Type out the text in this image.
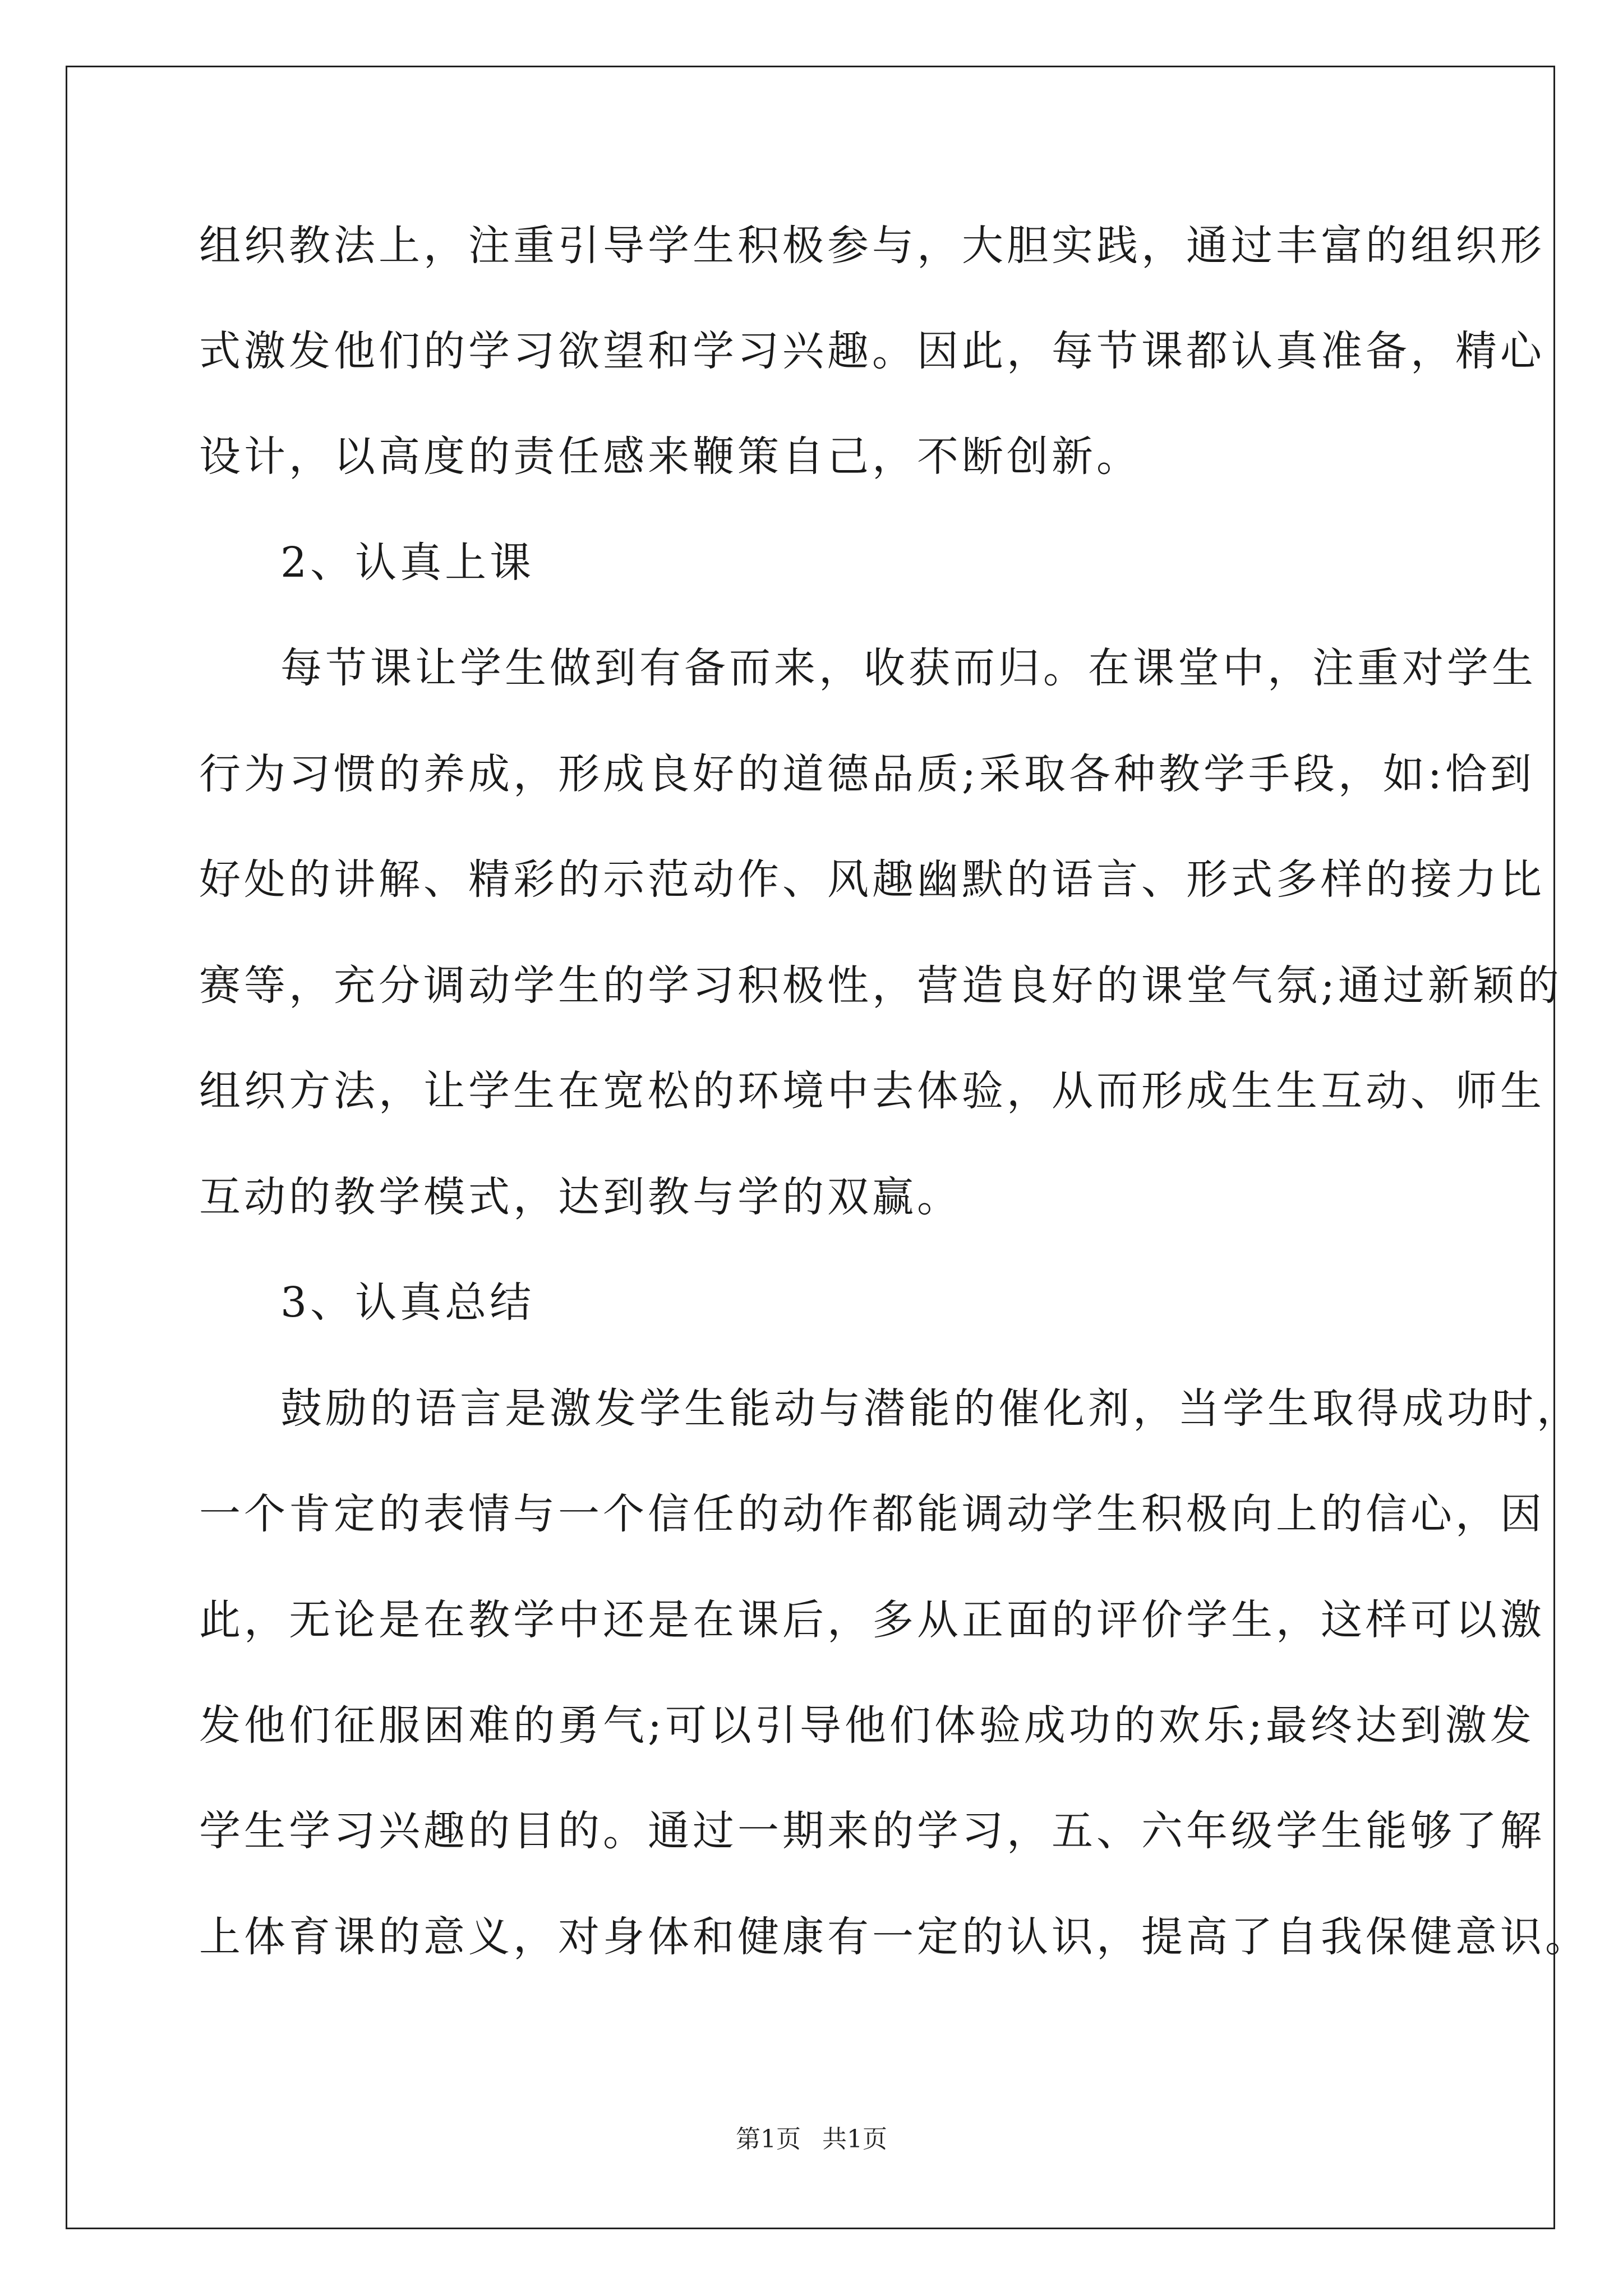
组织教法上，注重引导学生积极参与，大胆实践，通过丰富的组织形
式激发他们的学习欲望和学习兴趣。因此，每节课都认真准备，精心
设计，以高度的责任感来鞭策自己，不断创新。
2、认真上课
每节课让学生做到有备而来，收获而归。在课堂中，注重对学生
行为习惯的养成，形成良好的道德品质;采取各种教学手段，如:恰到
好处的讲解、精彩的示范动作、风趣幽默的语言、形式多样的接力比
赛等，充分调动学生的学习积极性，营造良好的课堂气氛;通过新颖的
组织方法，让学生在宽松的环境中去体验，从而形成生生互动、师生
互动的教学模式，达到教与学的双赢。
3、认真总结
鼓励的语言是激发学生能动与潜能的催化剂，当学生取得成功时，
一个肯定的表情与一个信任的动作都能调动学生积极向上的信心，因
此，无论是在教学中还是在课后，多从正面的评价学生，这样可以激
发他们征服困难的勇气;可以引导他们体验成功的欢乐;最终达到激发
学生学习兴趣的目的。通过一期来的学习，五、六年级学生能够了解
上体育课的意义，对身体和健康有一定的认识，提高了自我保健意识。
第1页 共1页
